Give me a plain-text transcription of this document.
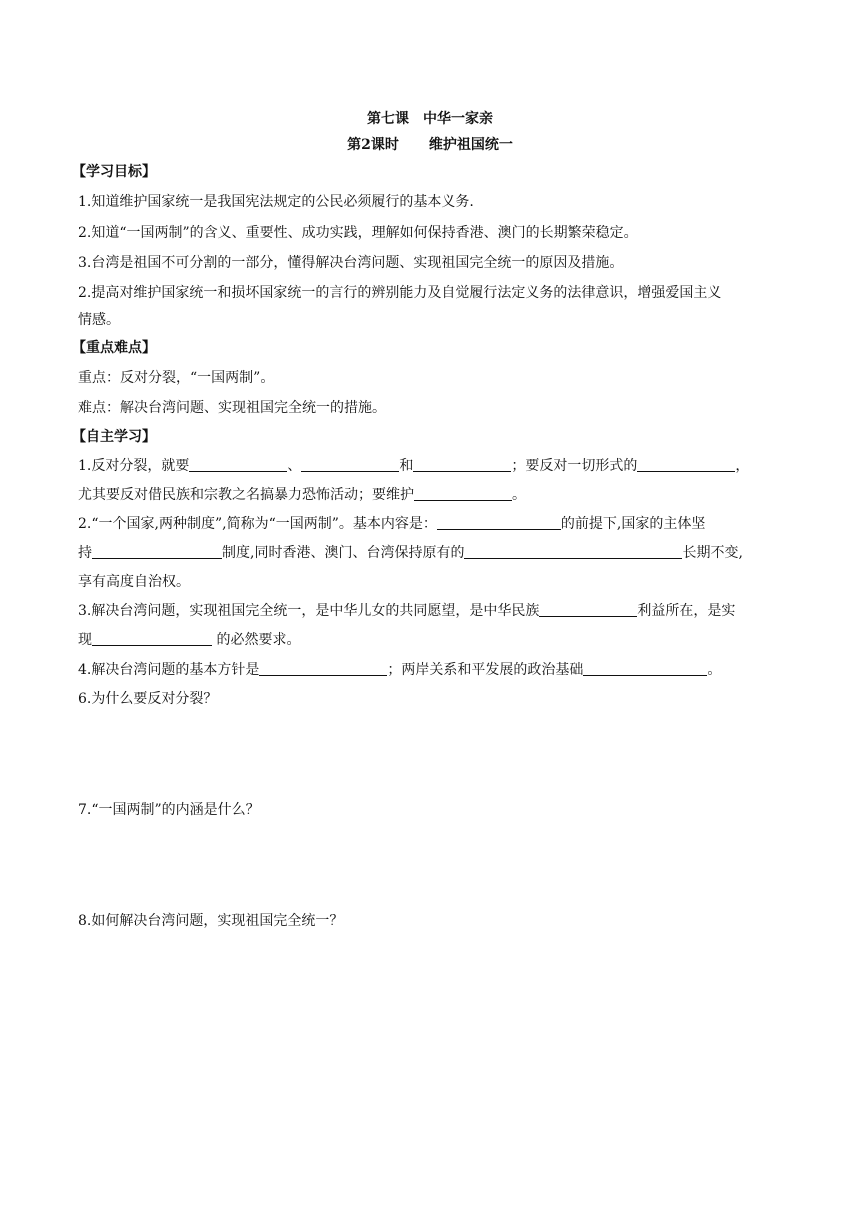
第七课 中华一家亲

第2课时 维护祖国统一

【学习目标】

1.知道维护国家统一是我国宪法规定的公民必须履行的基本义务.

2.知道“一国两制”的含义、重要性、成功实践，理解如何保持香港、澳门的长期繁荣稳定。

3.台湾是祖国不可分割的一部分，懂得解决台湾问题、实现祖国完全统一的原因及措施。

2.提高对维护国家统一和损坏国家统一的言行的辨别能力及自觉履行法定义务的法律意识，增强爱国主义

情感。

【重点难点】

重点：反对分裂，“一国两制”。

难点：解决台湾问题、实现祖国完全统一的措施。

【自主学习】

1.反对分裂，就要	、	和	；要反对一切形式的	，

尤其要反对借民族和宗教之名搞暴力恐怖活动；要维护	。

2.“一个国家,两种制度”,简称为“一国两制”。基本内容是：	的前提下,国家的主体坚

持	制度,同时香港、澳门、台湾保持原有的	长期不变,

享有高度自治权。

3.解决台湾问题，实现祖国完全统一，是中华儿女的共同愿望，是中华民族	利益所在，是实

现	的必然要求。

4.解决台湾问题的基本方针是	；两岸关系和平发展的政治基础	。

6.为什么要反对分裂？

7.“一国两制”的内涵是什么？

8.如何解决台湾问题，实现祖国完全统一？
